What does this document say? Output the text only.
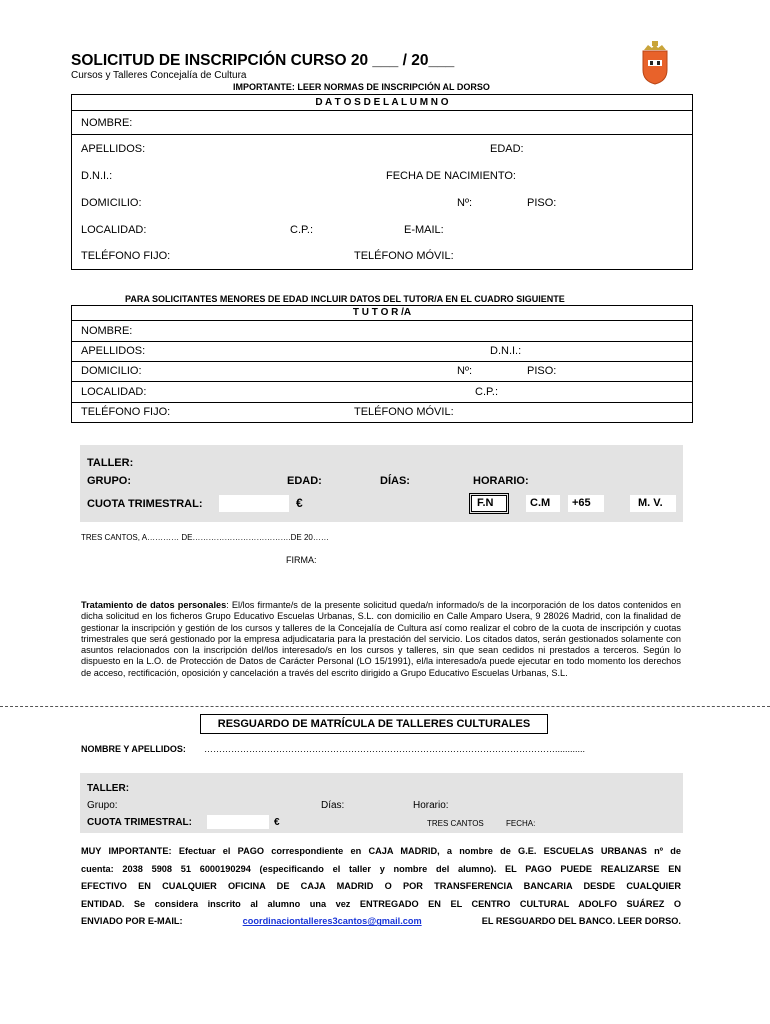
SOLICITUD DE INSCRIPCIÓN CURSO 20 ___ / 20___
Cursos y Talleres Concejalía de Cultura
IMPORTANTE: LEER NORMAS DE INSCRIPCIÓN AL DORSO
D A T O S D E L A L U M N O
NOMBRE:
APELLIDOS:	EDAD:
D.N.I.:	FECHA DE NACIMIENTO:
DOMICILIO:	Nº:	PISO:
LOCALIDAD:	C.P.:	E-MAIL:
TELÉFONO FIJO:	TELÉFONO MÓVIL:
PARA SOLICITANTES MENORES DE EDAD INCLUIR DATOS DEL TUTOR/A EN EL CUADRO SIGUIENTE
T U T O R /A
NOMBRE:
APELLIDOS:	D.N.I.:
DOMICILIO:	Nº:	PISO:
LOCALIDAD:	C.P.:
TELÉFONO FIJO:	TELÉFONO MÓVIL:
TALLER:
GRUPO:	EDAD:	DÍAS:	HORARIO:
CUOTA TRIMESTRAL:	€	F.N	C.M +65	M. V.
TRES CANTOS, A………… DE……………………………….DE 20……
FIRMA:
Tratamiento de datos personales: El/los firmante/s de la presente solicitud queda/n informado/s de la incorporación de los datos contenidos en dicha solicitud en los ficheros Grupo Educativo Escuelas Urbanas, S.L. con domicilio en Calle Amparo Usera, 9 28026 Madrid, con la finalidad de gestionar la inscripción y gestión de los cursos y talleres de la Concejalía de Cultura así como realizar el cobro de la cuota de inscripción y cuotas trimestrales que será gestionado por la empresa adjudicataria para la prestación del servicio. Los citados datos, serán gestionados solamente con asuntos relacionados con la inscripción del/los interesado/s en los cursos y talleres, sin que sean cedidos ni prestados a terceros. Según lo dispuesto en la L.O. de Protección de Datos de Carácter Personal (LO 15/1991), el/la interesado/a puede ejecutar en todo momento los derechos de acceso, rectificación, oposición y cancelación a través del escrito dirigido a Grupo Educativo Escuelas Urbanas, S.L.
RESGUARDO DE MATRÍCULA DE TALLERES CULTURALES
NOMBRE Y APELLIDOS: ………………………………………………………………………………………………………............
TALLER:
Grupo:	Días:	Horario:
CUOTA TRIMESTRAL:	€	TRES CANTOS	FECHA:
MUY IMPORTANTE: Efectuar el PAGO correspondiente en CAJA MADRID, a nombre de G.E. ESCUELAS URBANAS nº de
cuenta: 2038 5908 51 6000190294 (especificando el taller y nombre del alumno). EL PAGO PUEDE REALIZARSE EN
EFECTIVO EN CUALQUIER OFICINA DE CAJA MADRID O POR TRANSFERENCIA BANCARIA DESDE CUALQUIER
ENTIDAD. Se considera inscrito al alumno una vez ENTREGADO EN EL CENTRO CULTURAL ADOLFO SUÁREZ O
ENVIADO POR E-MAIL:	coordinaciontalleres3cantos@gmail.com	EL RESGUARDO DEL BANCO. LEER DORSO.
